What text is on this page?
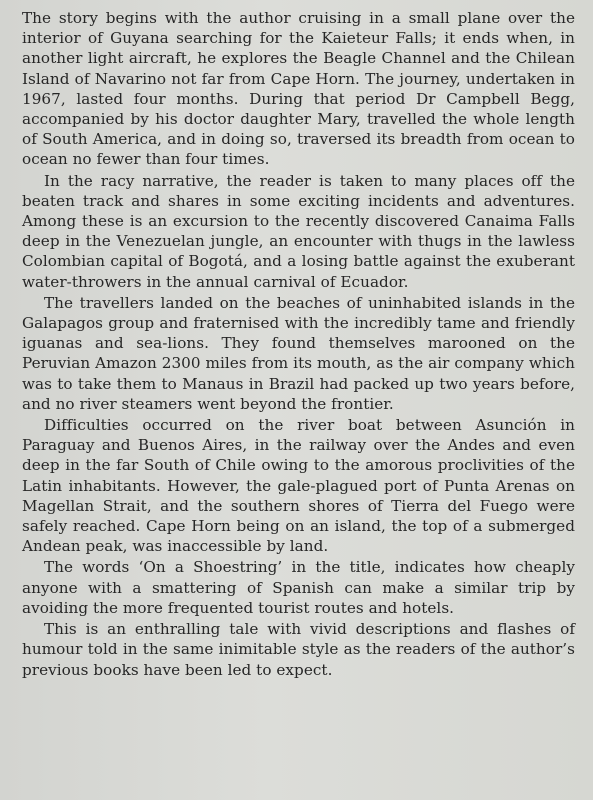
The story begins with the author cruising in a small plane over the interior of Guyana searching for the Kaieteur Falls; it ends when, in another light aircraft, he explores the Beagle Channel and the Chilean Island of Navarino not far from Cape Horn. The journey, undertaken in 1967, lasted four months. During that period Dr Campbell Begg, accompanied by his doctor daughter Mary, travelled the whole length of South America, and in doing so, traversed its breadth from ocean to ocean no fewer than four times.

In the racy narrative, the reader is taken to many places off the beaten track and shares in some exciting incidents and adventures. Among these is an excursion to the recently discovered Canaima Falls deep in the Venezuelan jungle, an encounter with thugs in the lawless Colombian capital of Bogotá, and a losing battle against the exuberant water-throwers in the annual carnival of Ecuador.

The travellers landed on the beaches of uninhabited islands in the Galapagos group and fraternised with the incredibly tame and friendly iguanas and sea-lions. They found themselves marooned on the Peruvian Amazon 2300 miles from its mouth, as the air company which was to take them to Manaus in Brazil had packed up two years before, and no river steamers went beyond the frontier.

Difficulties occurred on the river boat between Asunción in Paraguay and Buenos Aires, in the railway over the Andes and even deep in the far South of Chile owing to the amorous proclivities of the Latin inhabitants. However, the gale-plagued port of Punta Arenas on Magellan Strait, and the southern shores of Tierra del Fuego were safely reached. Cape Horn being on an island, the top of a submerged Andean peak, was inaccessible by land.

The words ‘On a Shoestring’ in the title, indicates how cheaply anyone with a smattering of Spanish can make a similar trip by avoiding the more frequented tourist routes and hotels.

This is an enthralling tale with vivid descriptions and flashes of humour told in the same inimitable style as the readers of the author’s previous books have been led to expect.
